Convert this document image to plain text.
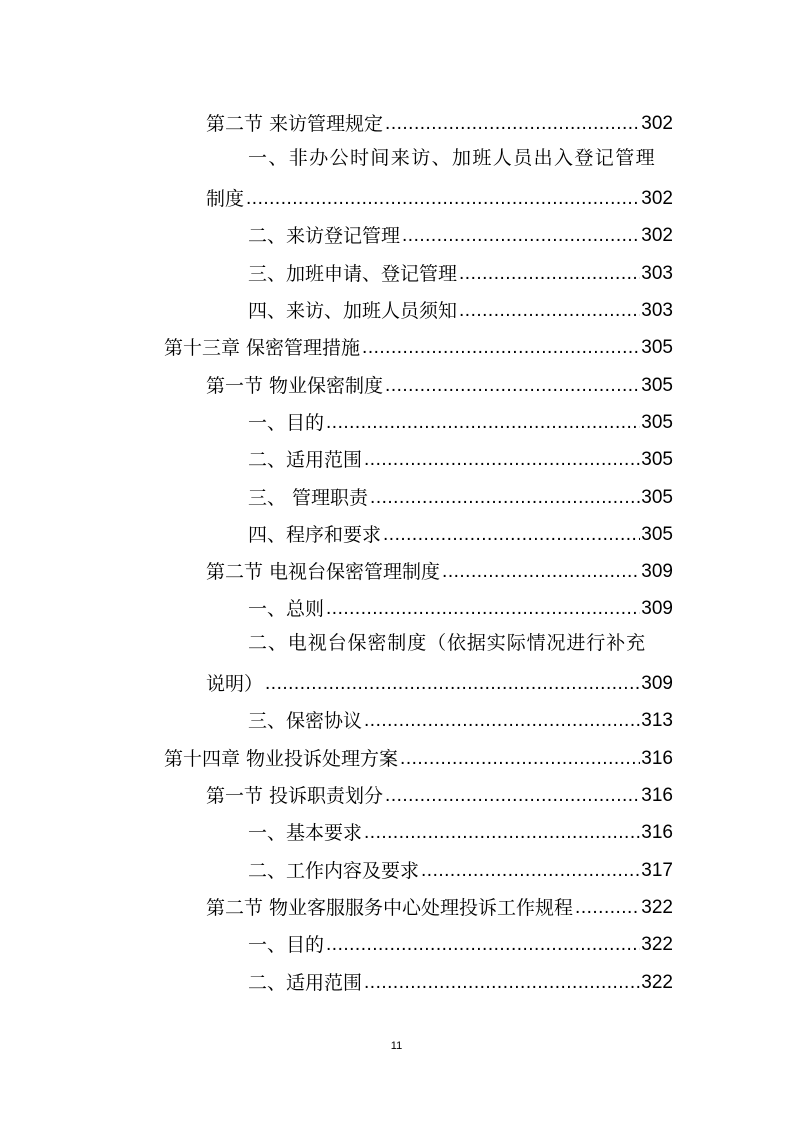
第二节 来访管理规定 .....	302
一、非办公时间来访、加班人员出入登记管理
制度 .....	302
二、来访登记管理 .....	302
三、加班申请、登记管理 .....	303
四、来访、加班人员须知 .....	303
第十三章 保密管理措施 .....	305
第一节 物业保密制度 .....	305
一、目的 .....	305
二、适用范围 .....	305
三、 管理职责 .....	305
四、程序和要求 .....	305
第二节 电视台保密管理制度 .....	309
一、总则 .....	309
二、电视台保密制度（依据实际情况进行补充
说明） .....	309
三、保密协议 .....	313
第十四章 物业投诉处理方案 .....	316
第一节 投诉职责划分 .....	316
一、基本要求 .....	316
二、工作内容及要求 .....	317
第二节 物业客服服务中心处理投诉工作规程 .....	322
一、目的 .....	322
二、适用范围 .....	322
11
